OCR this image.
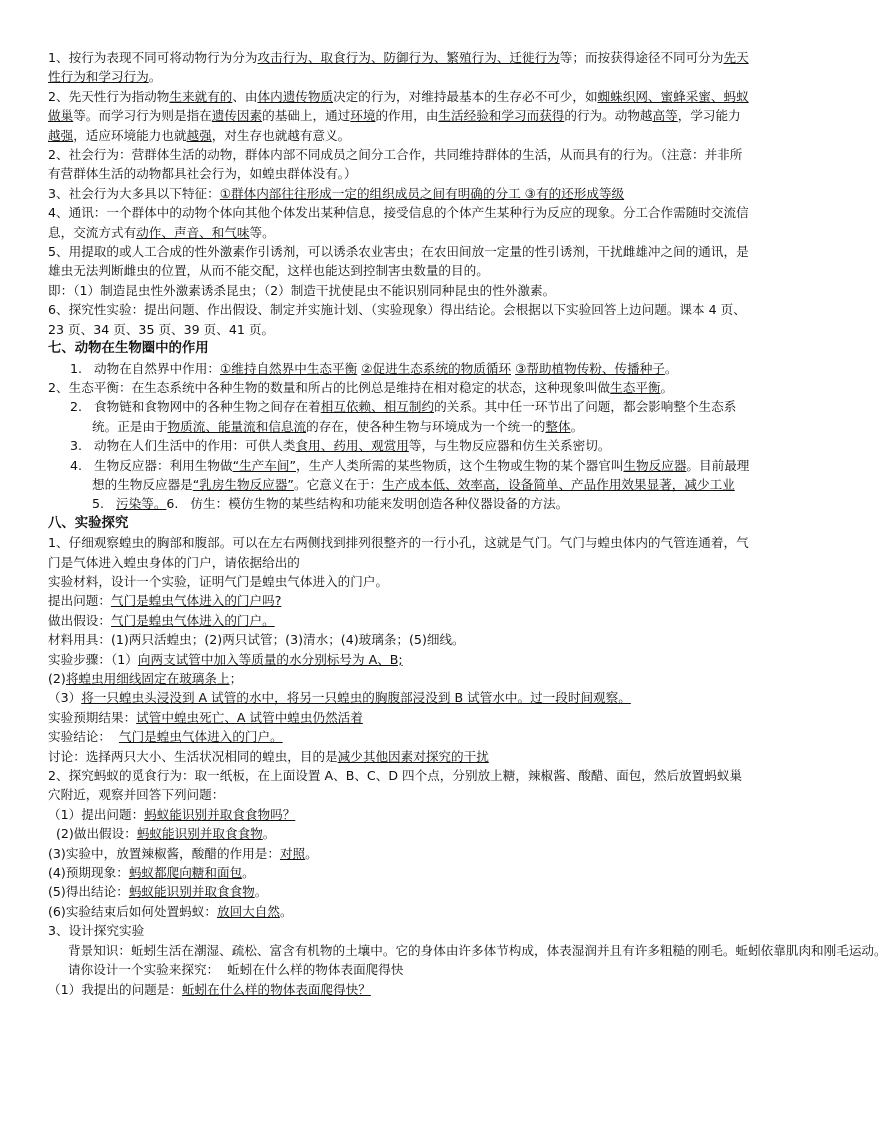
1、按行为表现不同可将动物行为分为攻击行为、取食行为、防御行为、繁殖行为、迁徙行为等；而按获得途径不同可分为先天性行为和学习行为。

2、先天性行为指动物生来就有的、由体内遗传物质决定的行为，对维持最基本的生存必不可少，如蜘蛛织网、蜜蜂采蜜、蚂蚁做巢等。而学习行为则是指在遗传因素的基础上，通过环境的作用，由生活经验和学习而获得的行为。动物越高等，学习能力越强，适应环境能力也就越强，对生存也就越有意义。

2、社会行为：营群体生活的动物，群体内部不同成员之间分工合作，共同维持群体的生活，从而具有的行为。（注意：并非所有营群体生活的动物都具社会行为，如蝗虫群体没有。）

3、社会行为大多具以下特征：①群体内部往往形成一定的组织成员之间有明确的分工 ③有的还形成等级

4、通讯：一个群体中的动物个体向其他个体发出某种信息，接受信息的个体产生某种行为反应的现象。分工合作需随时交流信息，交流方式有动作、声音、和气味等。

5、用提取的或人工合成的性外激素作引诱剂，可以诱杀农业害虫；在农田间放一定量的性引诱剂，干扰雌雄冲之间的通讯，是雄虫无法判断雌虫的位置，从而不能交配，这样也能达到控制害虫数量的目的。

即：（1）制造昆虫性外激素诱杀昆虫；（2）制造干扰使昆虫不能识别同种昆虫的性外激素。

6、探究性实验：提出问题、作出假设、制定并实施计划、（实验现象）得出结论。会根据以下实验回答上边问题。课本 4 页、23 页、34 页、35 页、39 页、41 页。

七、动物在生物圈中的作用

1.   动物在自然界中作用：①维持自然界中生态平衡 ②促进生态系统的物质循环 ③帮助植物传粉、传播种子。

2、生态平衡：在生态系统中各种生物的数量和所占的比例总是维持在相对稳定的状态，这种现象叫做生态平衡。

2.   食物链和食物网中的各种生物之间存在着相互依赖、相互制约的关系。其中任一环节出了问题，都会影响整个生态系统。正是由于物质流、能量流和信息流的存在，使各种生物与环境成为一个统一的整体。

3.   动物在人们生活中的作用：可供人类食用、药用、观赏用等，与生物反应器和仿生关系密切。

4.   生物反应器：利用生物做“生产车间”，生产人类所需的某些物质，这个生物或生物的某个器官叫生物反应器。目前最理想的生物反应器是“乳房生物反应器”。它意义在于：生产成本低、效率高，设备简单、产品作用效果显著，减少工业

5.   污染等。6.   仿生：模仿生物的某些结构和功能来发明创造各种仪器设备的方法。

八、实验探究

1、仔细观察蝗虫的胸部和腹部。可以在左右两侧找到排列很整齐的一行小孔，这就是气门。气门与蝗虫体内的气管连通着，气门是气体进入蝗虫身体的门户，请依据给出的

实验材料，设计一个实验，证明气门是蝗虫气体进入的门户。

提出问题：气门是蝗虫气体进入的门户吗?

做出假设：气门是蝗虫气体进入的门户。

材料用具：(1)两只活蝗虫；(2)两只试管；(3)清水；(4)玻璃条；(5)细线。

实验步骤：（1）向两支试管中加入等质量的水分别标号为 A、B;

(2)将蝗虫用细线固定在玻璃条上；

（3）将一只蝗虫头浸没到 A 试管的水中，将另一只蝗虫的胸腹部浸没到 B 试管水中。过一段时间观察。

实验预期结果：试管中蝗虫死亡、A 试管中蝗虫仍然活着

实验结论：  气门是蝗虫气体进入的门户。

讨论：选择两只大小、生活状况相同的蝗虫，目的是减少其他因素对探究的干扰

2、探究蚂蚁的觅食行为：取一纸板，在上面设置 A、B、C、D 四个点，分别放上糖，辣椒酱、酸醋、面包，然后放置蚂蚁巢穴附近，观察并回答下列问题：

（1）提出问题：蚂蚁能识别并取食食物吗？

(2)做出假设：蚂蚁能识别并取食食物。

(3)实验中，放置辣椒酱，酸醋的作用是：对照。

(4)预期现象：蚂蚁都爬向糖和面包。

(5)得出结论：蚂蚁能识别并取食食物。

(6)实验结束后如何处置蚂蚁：放回大自然。

3、设计探究实验

背景知识：蚯蚓生活在潮湿、疏松、富含有机物的土壤中。它的身体由许多体节构成，体表湿润并且有许多粗糙的刚毛。蚯蚓依靠肌肉和刚毛运动。

请你设计一个实验来探究：  蚯蚓在什么样的物体表面爬得快

（1）我提出的问题是：蚯蚓在什么样的物体表面爬得快？
